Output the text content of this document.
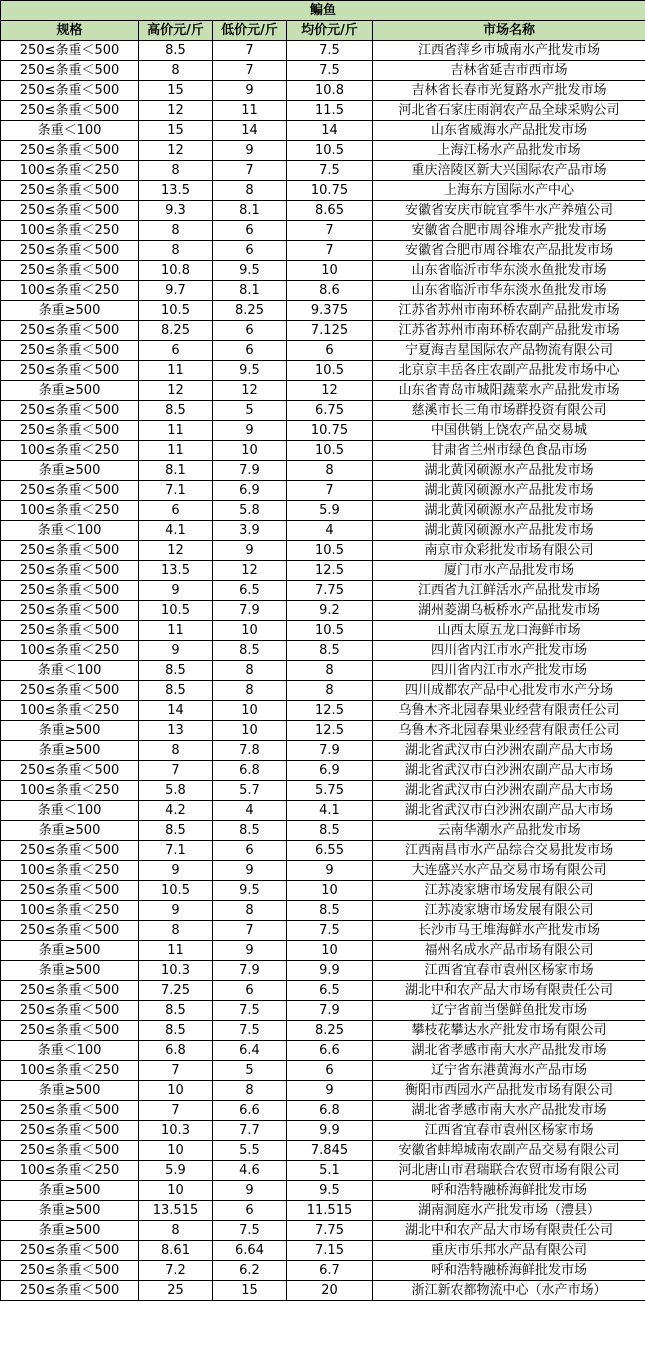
鳊鱼				
规格	高价元/斤	低价元/斤	均价元/斤	市场名称
250≤条重＜500	8.5	7	7.5	江西省萍乡市城南水产批发市场
250≤条重＜500	8	7	7.5	吉林省延吉市西市场
250≤条重＜500	15	9	10.8	吉林省长春市光复路水产批发市场
250≤条重＜500	12	11	11.5	河北省石家庄雨润农产品全球采购公司
条重＜100	15	14	14	山东省威海水产品批发市场
250≤条重＜500	12	9	10.5	上海江杨水产品批发市场
100≤条重＜250	8	7	7.5	重庆涪陵区新大兴国际农产品市场
250≤条重＜500	13.5	8	10.75	上海东方国际水产中心
250≤条重＜500	9.3	8.1	8.65	安徽省安庆市皖宜季牛水产养殖公司
100≤条重＜250	8	6	7	安徽省合肥市周谷堆水产批发市场
250≤条重＜500	8	6	7	安徽省合肥市周谷堆农产品批发市场
250≤条重＜500	10.8	9.5	10	山东省临沂市华东淡水鱼批发市场
100≤条重＜250	9.7	8.1	8.6	山东省临沂市华东淡水鱼批发市场
条重≥500	10.5	8.25	9.375	江苏省苏州市南环桥农副产品批发市场
250≤条重＜500	8.25	6	7.125	江苏省苏州市南环桥农副产品批发市场
250≤条重＜500	6	6	6	宁夏海吉星国际农产品物流有限公司
250≤条重＜500	11	9.5	10.5	北京京丰岳各庄农副产品批发市场中心
条重≥500	12	12	12	山东省青岛市城阳蔬菜水产品批发市场
250≤条重＜500	8.5	5	6.75	慈溪市长三角市场群投资有限公司
250≤条重＜500	11	9	10.75	中国供销上饶农产品交易城
100≤条重＜250	11	10	10.5	甘肃省兰州市绿色食品市场
条重≥500	8.1	7.9	8	湖北黄冈硕源水产品批发市场
250≤条重＜500	7.1	6.9	7	湖北黄冈硕源水产品批发市场
100≤条重＜250	6	5.8	5.9	湖北黄冈硕源水产品批发市场
条重＜100	4.1	3.9	4	湖北黄冈硕源水产品批发市场
250≤条重＜500	12	9	10.5	南京市众彩批发市场有限公司
250≤条重＜500	13.5	12	12.5	厦门市水产品批发市场
250≤条重＜500	9	6.5	7.75	江西省九江鲜活水产品批发市场
250≤条重＜500	10.5	7.9	9.2	湖州菱湖乌板桥水产品批发市场
250≤条重＜500	11	10	10.5	山西太原五龙口海鲜市场
100≤条重＜250	9	8.5	8.5	四川省内江市水产批发市场
条重＜100	8.5	8	8	四川省内江市水产批发市场
250≤条重＜500	8.5	8	8	四川成都农产品中心批发市水产分场
100≤条重＜250	14	10	12.5	乌鲁木齐北园春果业经营有限责任公司
条重≥500	13	10	12.5	乌鲁木齐北园春果业经营有限责任公司
条重≥500	8	7.8	7.9	湖北省武汉市白沙洲农副产品大市场
250≤条重＜500	7	6.8	6.9	湖北省武汉市白沙洲农副产品大市场
100≤条重＜250	5.8	5.7	5.75	湖北省武汉市白沙洲农副产品大市场
条重＜100	4.2	4	4.1	湖北省武汉市白沙洲农副产品大市场
条重≥500	8.5	8.5	8.5	云南华潮水产品批发市场
250≤条重＜500	7.1	6	6.55	江西南昌市水产品综合交易批发市场
100≤条重＜250	9	9	9	大连盛兴水产品交易市场有限公司
250≤条重＜500	10.5	9.5	10	江苏凌家塘市场发展有限公司
100≤条重＜250	9	8	8.5	江苏凌家塘市场发展有限公司
250≤条重＜500	8	7	7.5	长沙市马王堆海鲜水产批发市场
条重≥500	11	9	10	福州名成水产品市场有限公司
条重≥500	10.3	7.9	9.9	江西省宜春市袁州区杨家市场
250≤条重＜500	7.25	6	6.5	湖北中和农产品大市场有限责任公司
250≤条重＜500	8.5	7.5	7.9	辽宁省前当堡鲜鱼批发市场
250≤条重＜500	8.5	7.5	8.25	攀枝花攀达水产批发市场有限公司
条重＜100	6.8	6.4	6.6	湖北省孝感市南大水产品批发市场
100≤条重＜250	7	5	6	辽宁省东港黄海水产品市场
条重≥500	10	8	9	衡阳市西园水产品批发市场有限公司
250≤条重＜500	7	6.6	6.8	湖北省孝感市南大水产品批发市场
250≤条重＜500	10.3	7.7	9.9	江西省宜春市袁州区杨家市场
250≤条重＜500	10	5.5	7.845	安徽省蚌埠城南农副产品交易有限公司
100≤条重＜250	5.9	4.6	5.1	河北唐山市君瑞联合农贸市场有限公司
条重≥500	10	9	9.5	呼和浩特融桥海鲜批发市场
条重≥500	13.515	6	11.515	湖南洞庭水产批发市场（澧县）
条重≥500	8	7.5	7.75	湖北中和农产品大市场有限责任公司
250≤条重＜500	8.61	6.64	7.15	重庆市乐邦水产品有限公司
250≤条重＜500	7.2	6.2	6.7	呼和浩特融桥海鲜批发市场
250≤条重＜500	25	15	20	浙江新农都物流中心（水产市场）
